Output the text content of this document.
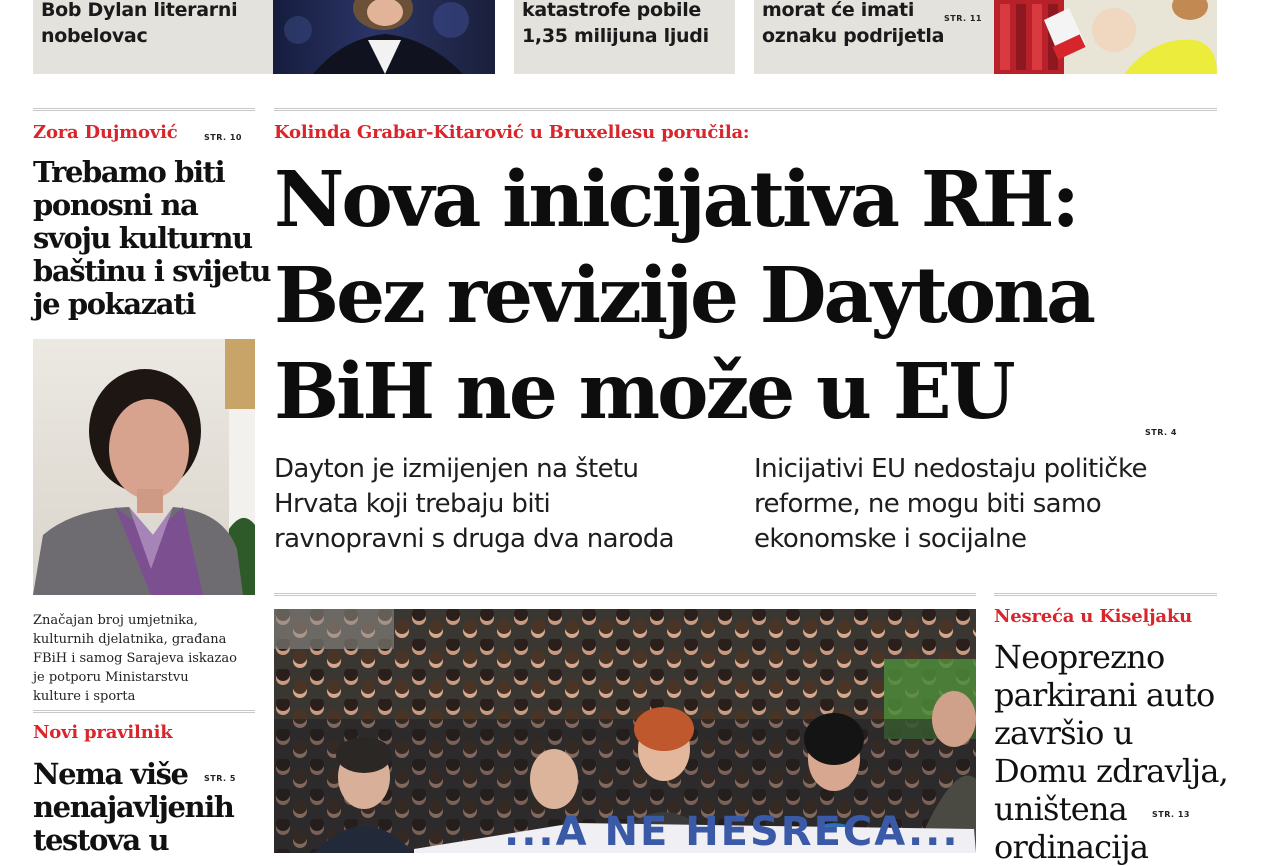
Bob Dylan literarni
nobelovac
katastrofe pobile
1,35 milijuna ljudi
morat će imati
oznaku podrijetla
STR. 11
Zora Dujmović	STR. 10
Trebamo biti
ponosni na
svoju kulturnu
baštinu i svijetu
je pokazati
Značajan broj umjetnika,
kulturnih djelatnika, građana
FBiH i samog Sarajeva iskazao
je potporu Ministarstvu
kulture i sporta
Novi pravilnik
Nema više
nenajavljenih
testova u
STR. 5
Kolinda Grabar-Kitarović u Bruxellesu poručila:
Nova inicijativa RH:
Bez revizije Daytona
BiH ne može u EU	STR. 4
Dayton je izmijenjen na štetu
Hrvata koji trebaju biti
ravnopravni s druga dva naroda
Inicijativi EU nedostaju političke
reforme, ne mogu biti samo
ekonomske i socijalne
...A NE HESRECA...
Nesreća u Kiseljaku
Neoprezno
parkirani auto
završio u
Domu zdravlja,
uništena
ordinacija
STR. 13
